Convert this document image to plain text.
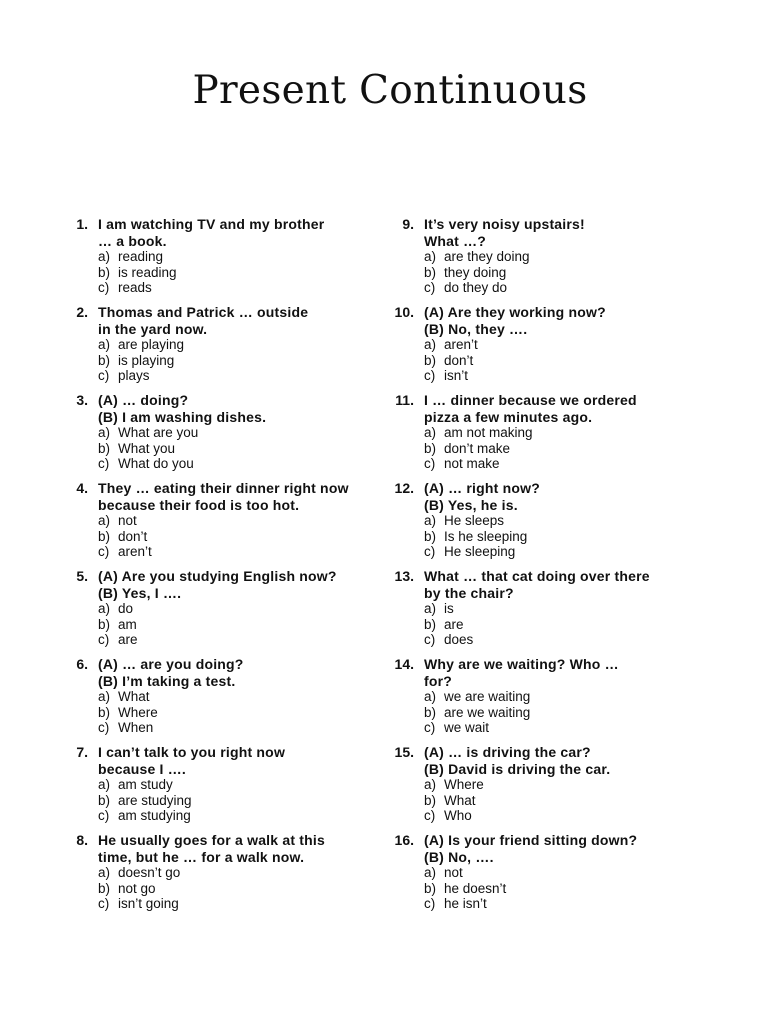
Present Continuous
1. I am watching TV and my brother
… a book.
a) reading
b) is reading
c) reads
2. Thomas and Patrick … outside
in the yard now.
a) are playing
b) is playing
c) plays
3. (A) … doing?
(B) I am washing dishes.
a) What are you
b) What you
c) What do you
4. They … eating their dinner right now
because their food is too hot.
a) not
b) don’t
c) aren’t
5. (A) Are you studying English now?
(B) Yes, I ….
a) do
b) am
c) are
6. (A) … are you doing?
(B) I’m taking a test.
a) What
b) Where
c) When
7. I can’t talk to you right now
because I ….
a) am study
b) are studying
c) am studying
8. He usually goes for a walk at this
time, but he … for a walk now.
a) doesn’t go
b) not go
c) isn’t going
9. It’s very noisy upstairs!
What …?
a) are they doing
b) they doing
c) do they do
10. (A) Are they working now?
(B) No, they ….
a) aren’t
b) don’t
c) isn’t
11. I … dinner because we ordered
pizza a few minutes ago.
a) am not making
b) don’t make
c) not make
12. (A) … right now?
(B) Yes, he is.
a) He sleeps
b) Is he sleeping
c) He sleeping
13. What … that cat doing over there
by the chair?
a) is
b) are
c) does
14. Why are we waiting? Who …
for?
a) we are waiting
b) are we waiting
c) we wait
15. (A) … is driving the car?
(B) David is driving the car.
a) Where
b) What
c) Who
16. (A) Is your friend sitting down?
(B) No, ….
a) not
b) he doesn’t
c) he isn’t
